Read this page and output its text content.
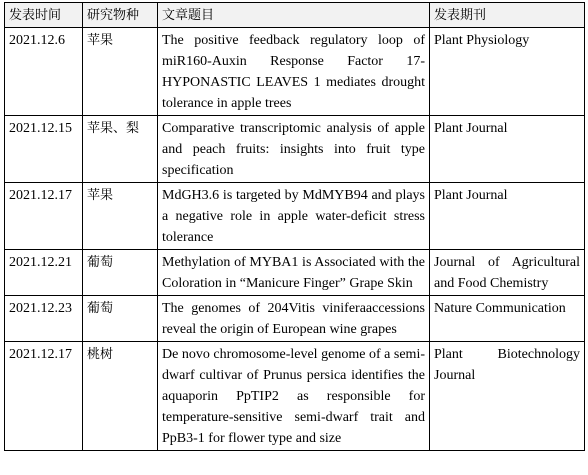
发表时间	研究物种	文章题目	发表期刊
2021.12.6	苹果	The positive feedback regulatory loop of miR160-Auxin Response Factor 17-HYPONASTIC LEAVES 1 mediates drought tolerance in apple trees	Plant Physiology
2021.12.15	苹果、梨	Comparative transcriptomic analysis of apple and peach fruits: insights into fruit type specification	Plant Journal
2021.12.17	苹果	MdGH3.6 is targeted by MdMYB94 and plays a negative role in apple water-deficit stress tolerance	Plant Journal
2021.12.21	葡萄	Methylation of MYBA1 is Associated with the Coloration in “Manicure Finger” Grape Skin	Journal of Agricultural and Food Chemistry
2021.12.23	葡萄	The genomes of 204Vitis viniferaaccessions reveal the origin of European wine grapes	Nature Communication
2021.12.17	桃树	De novo chromosome-level genome of a semi-dwarf cultivar of Prunus persica identifies the aquaporin PpTIP2 as responsible for temperature-sensitive semi-dwarf trait and PpB3-1 for flower type and size	Plant Biotechnology Journal
